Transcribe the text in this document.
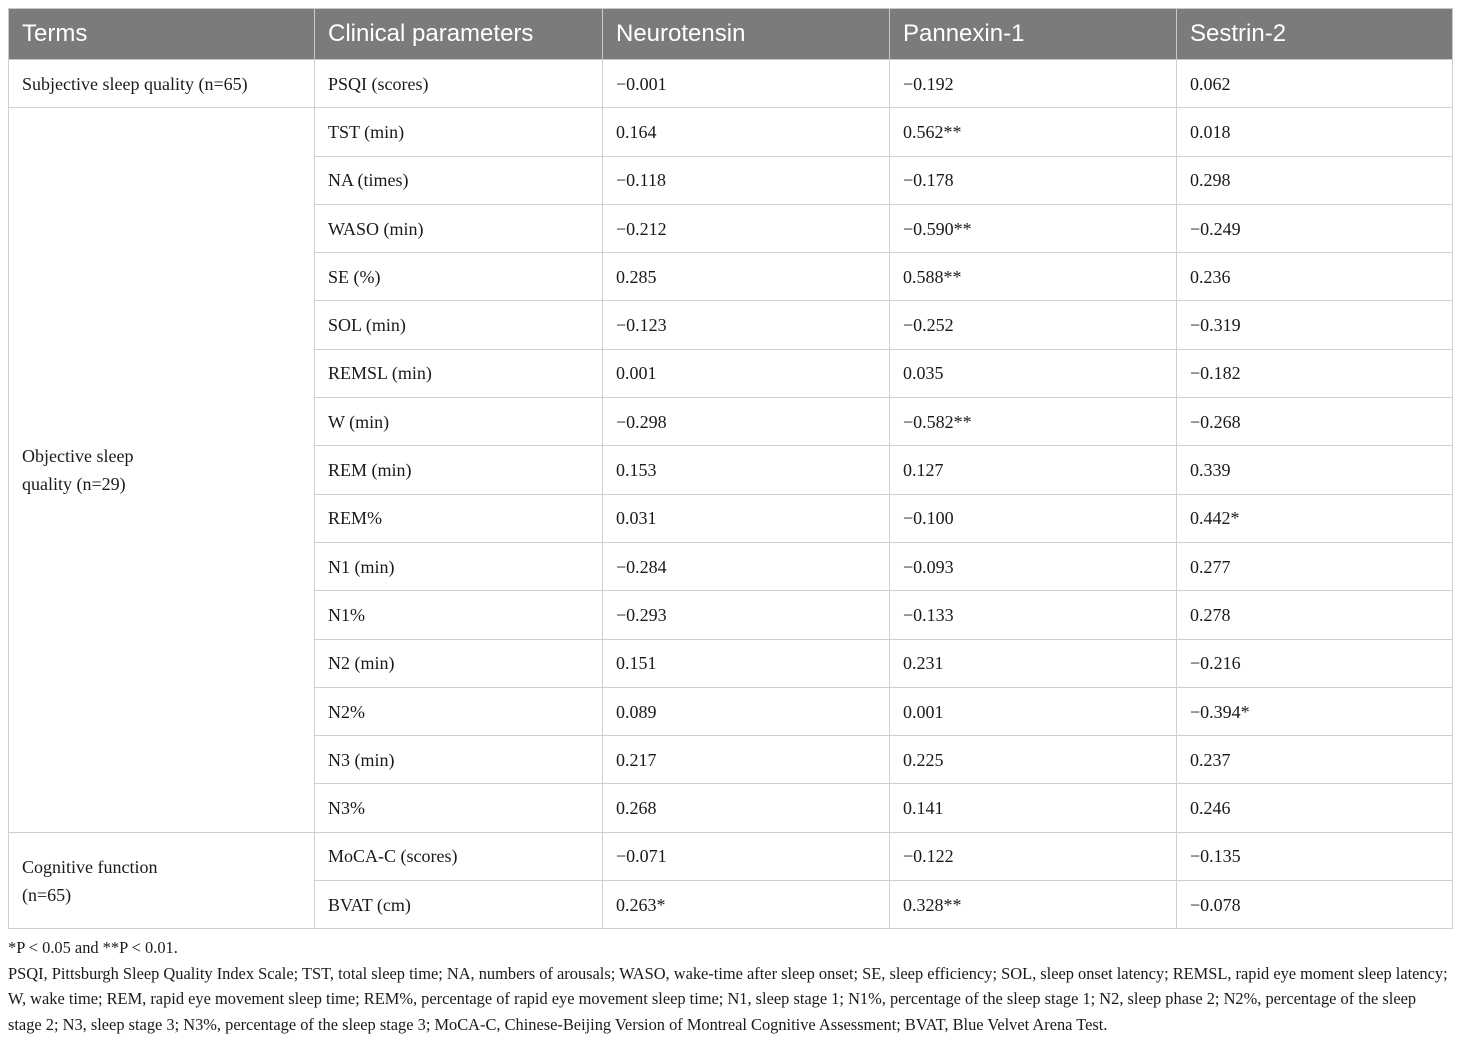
Terms	Clinical parameters	Neurotensin	Pannexin-1	Sestrin-2
Subjective sleep quality (n=65)	PSQI (scores)	−0.001	−0.192	0.062
Objective sleep quality (n=29)	TST (min)	0.164	0.562**	0.018
	NA (times)	−0.118	−0.178	0.298
	WASO (min)	−0.212	−0.590**	−0.249
	SE (%)	0.285	0.588**	0.236
	SOL (min)	−0.123	−0.252	−0.319
	REMSL (min)	0.001	0.035	−0.182
	W (min)	−0.298	−0.582**	−0.268
	REM (min)	0.153	0.127	0.339
	REM%	0.031	−0.100	0.442*
	N1 (min)	−0.284	−0.093	0.277
	N1%	−0.293	−0.133	0.278
	N2 (min)	0.151	0.231	−0.216
	N2%	0.089	0.001	−0.394*
	N3 (min)	0.217	0.225	0.237
	N3%	0.268	0.141	0.246
Cognitive function (n=65)	MoCA-C (scores)	−0.071	−0.122	−0.135
	BVAT (cm)	0.263*	0.328**	−0.078

*P < 0.05 and **P < 0.01.

PSQI, Pittsburgh Sleep Quality Index Scale; TST, total sleep time; NA, numbers of arousals; WASO, wake-time after sleep onset; SE, sleep efficiency; SOL, sleep onset latency; REMSL, rapid eye moment sleep latency; W, wake time; REM, rapid eye movement sleep time; REM%, percentage of rapid eye movement sleep time; N1, sleep stage 1; N1%, percentage of the sleep stage 1; N2, sleep phase 2; N2%, percentage of the sleep stage 2; N3, sleep stage 3; N3%, percentage of the sleep stage 3; MoCA-C, Chinese-Beijing Version of Montreal Cognitive Assessment; BVAT, Blue Velvet Arena Test.
